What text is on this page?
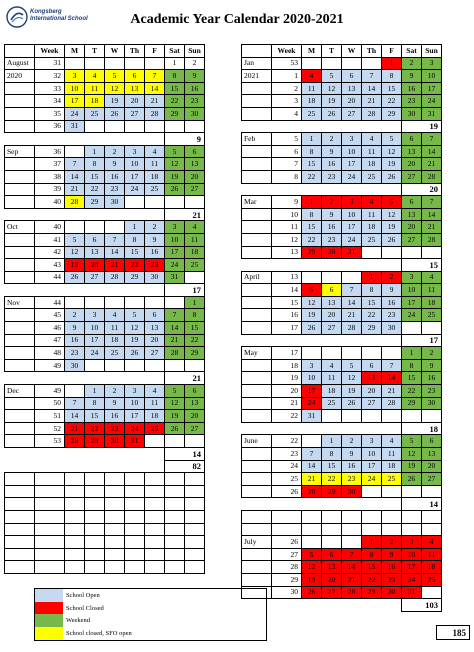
Kongsberg
International School	Academic Year Calendar 2020-2021
	Week	M	T	W	Th	F	Sat	Sun
August	31						1	2
2020	32	3	4	5	6	7	8	9
	33	10	11	12	13	14	15	16
	34	17	18	19	20	21	22	23
	35	24	25	26	27	28	29	30
	36	31						
							9	
Sep	36		1	2	3	4	5	6
	37	7	8	9	10	11	12	13
	38	14	15	16	17	18	19	20
	39	21	22	23	24	25	26	27
	40	28	29	30				
							21	
Oct	40				1	2	3	4
	41	5	6	7	8	9	10	11
	42	12	13	14	15	16	17	18
	43	19	20	21	22	23	24	25
	44	26	27	28	29	30	31	
							17	
Nov	44							1
	45	2	3	4	5	6	7	8
	46	9	10	11	12	13	14	15
	47	16	17	18	19	20	21	22
	48	23	24	25	26	27	28	29
	49	30						
							21	
Dec	49		1	2	3	4	5	6
	50	7	8	9	10	11	12	13
	51	14	15	16	17	18	19	20
	52	21	22	23	24	25	26	27
	53	28	29	30	31			
							14	
							82	

	Week	M	T	W	Th	F	Sat	Sun
Jan	53					1	2	3
2021	1	4	5	6	7	8	9	10
	2	11	12	13	14	15	16	17
	3	18	19	20	21	22	23	24
	4	25	26	27	28	29	30	31
							19	
Feb	5	1	2	3	4	5	6	7
	6	8	9	10	11	12	13	14
	7	15	16	17	18	19	20	21
	8	22	23	24	25	26	27	28
							20	
Mar	9	1	2	3	4	5	6	7
	10	8	9	10	11	12	13	14
	11	15	16	17	18	19	20	21
	12	22	23	24	25	26	27	28
	13	29	30	31				
							15	
April	13				1	2	3	4
	14	5	6	7	8	9	10	11
	15	12	13	14	15	16	17	18
	16	19	20	21	22	23	24	25
	17	26	27	28	29	30		
							17	
May	17						1	2
	18	3	4	5	6	7	8	9
	19	10	11	12	13	14	15	16
	20	17	18	19	20	21	22	23
	21	24	25	26	27	28	29	30
	22	31						
							18	
June	22		1	2	3	4	5	6
	23	7	8	9	10	11	12	13
	24	14	15	16	17	18	19	20
	25	21	22	23	24	25	26	27
	26	28	29	30				
							14	

July	26				1	2	3	4
	27	5	6	7	8	9	10	11
	28	12	13	14	15	16	17	18
	29	19	20	21	22	23	24	25
	30	26	27	28	29	30	31	
							103	
	School Open
	School Closed
	Weekend
	School closed, SFO open	185
